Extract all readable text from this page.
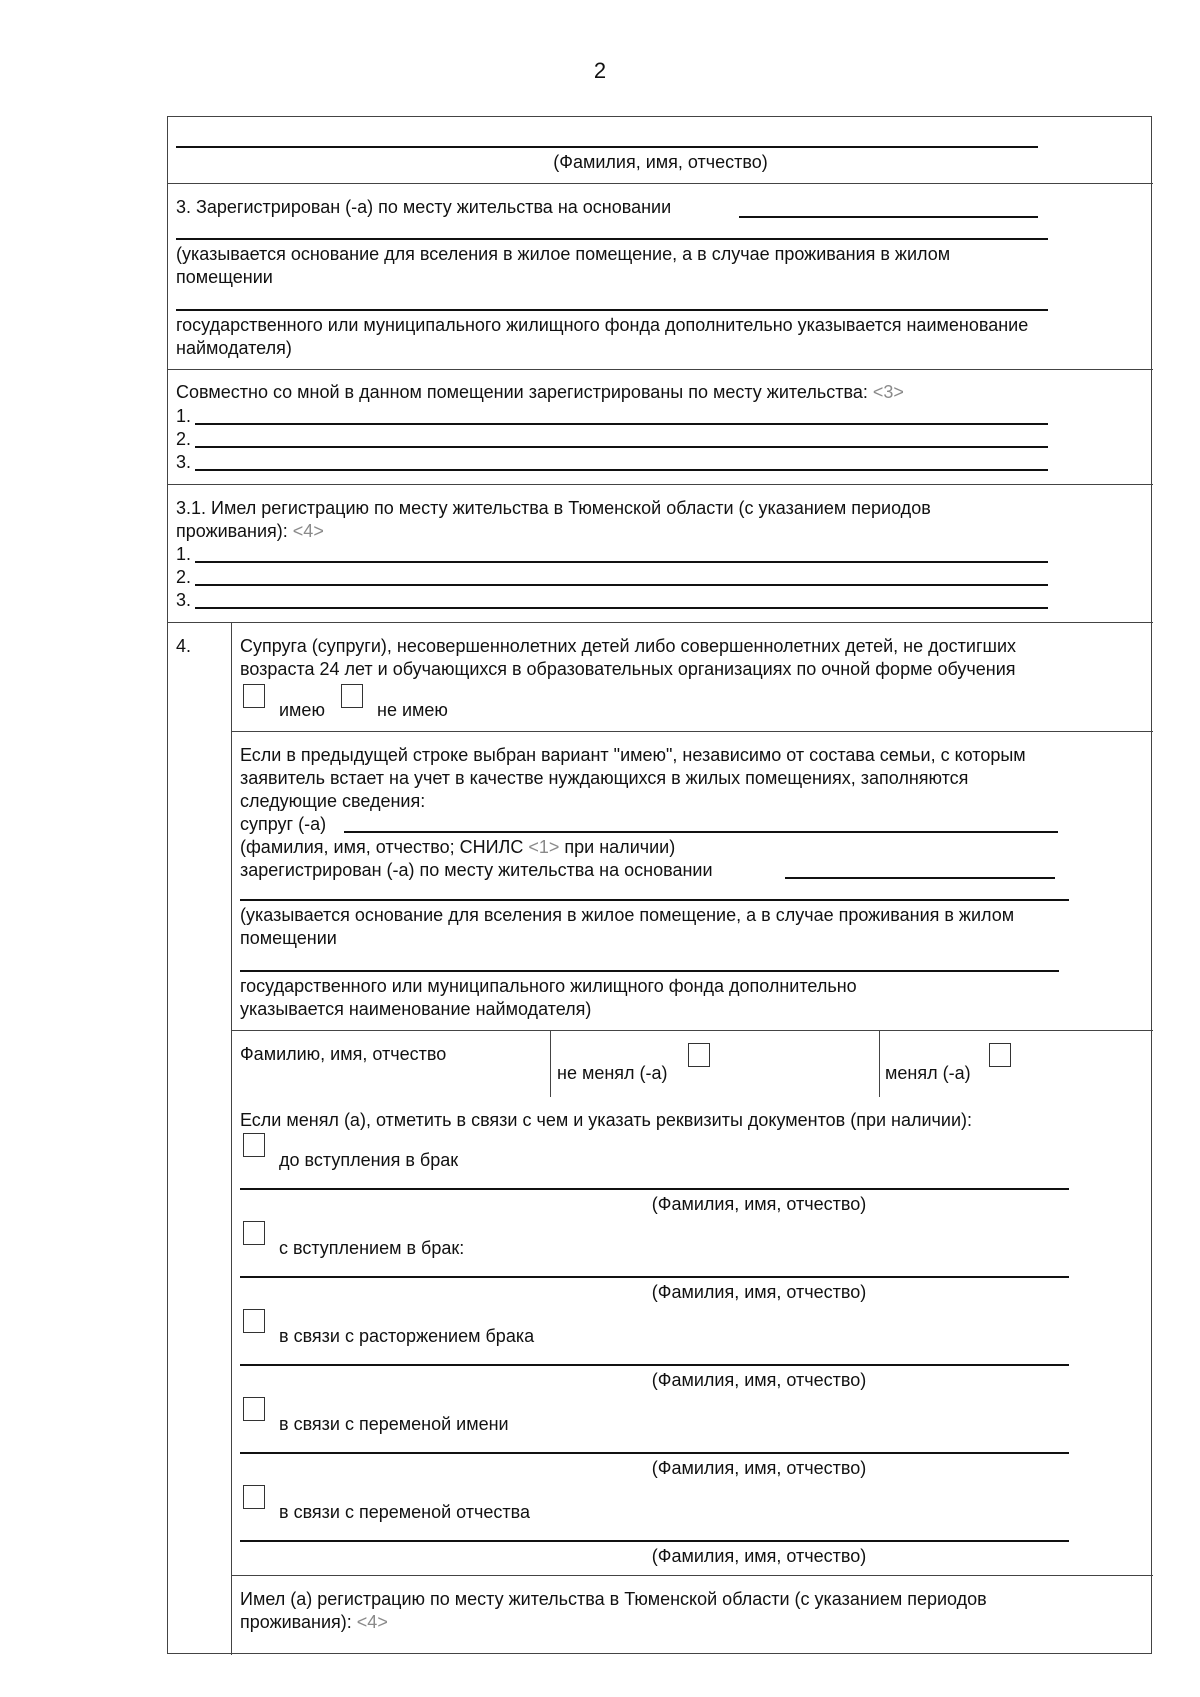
2
(Фамилия, имя, отчество)
3. Зарегистрирован (-а) по месту жительства на основании
(указывается основание для вселения в жилое помещение, а в случае проживания в жилом
помещении
государственного или муниципального жилищного фонда дополнительно указывается наименование
наймодателя)
Совместно со мной в данном помещении зарегистрированы по месту жительства: <3>
1.
2.
3.
3.1. Имел регистрацию по месту жительства в Тюменской области (с указанием периодов
проживания): <4>
1.
2.
3.
4.	Супруга (супруги), несовершеннолетних детей либо совершеннолетних детей, не достигших
возраста 24 лет и обучающихся в образовательных организациях по очной форме обучения
имею	не имею
Если в предыдущей строке выбран вариант "имею", независимо от состава семьи, с которым
заявитель встает на учет в качестве нуждающихся в жилых помещениях, заполняются
следующие сведения:
супруг (-а)
(фамилия, имя, отчество; СНИЛС <1> при наличии)
зарегистрирован (-а) по месту жительства на основании
(указывается основание для вселения в жилое помещение, а в случае проживания в жилом
помещении
государственного или муниципального жилищного фонда дополнительно
указывается наименование наймодателя)
Фамилию, имя, отчество
не менял (-а)	менял (-а)
Если менял (а), отметить в связи с чем и указать реквизиты документов (при наличии):
до вступления в брак
(Фамилия, имя, отчество)
с вступлением в брак:
(Фамилия, имя, отчество)
в связи с расторжением брака
(Фамилия, имя, отчество)
в связи с переменой имени
(Фамилия, имя, отчество)
в связи с переменой отчества
(Фамилия, имя, отчество)
Имел (а) регистрацию по месту жительства в Тюменской области (с указанием периодов
проживания): <4>
